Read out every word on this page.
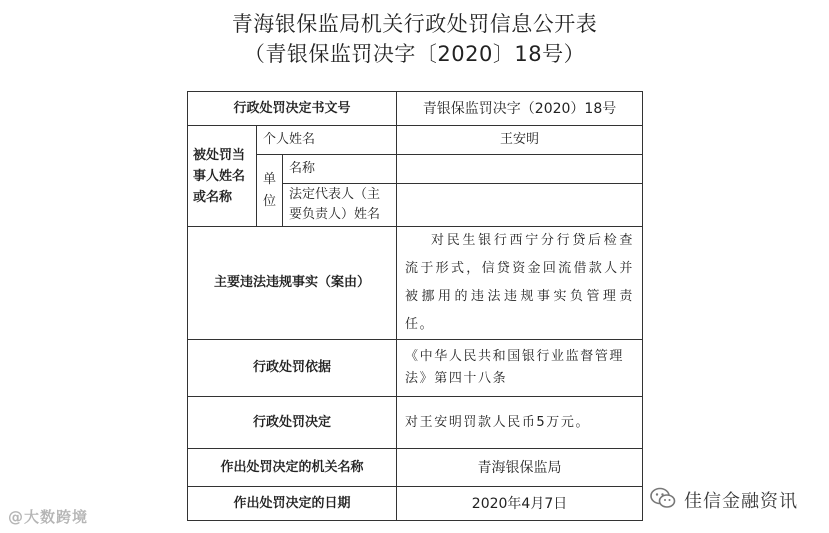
青海银保监局机关行政处罚信息公开表
（青银保监罚决字〔2020〕18号）
行政处罚决定书文号			青银保监罚决字（2020）18号
被处罚当事人姓名或名称	个人姓名		王安明
	单位	名称	
		法定代表人（主要负责人）姓名	
主要违法违规事实（案由）			对民生银行西宁分行贷后检查流于形式，信贷资金回流借款人并被挪用的违法违规事实负管理责任。
行政处罚依据			《中华人民共和国银行业监督管理法》第四十八条
行政处罚决定			对王安明罚款人民币5万元。
作出处罚决定的机关名称			青海银保监局
作出处罚决定的日期			2020年4月7日
@大数跨境
佳信金融资讯
